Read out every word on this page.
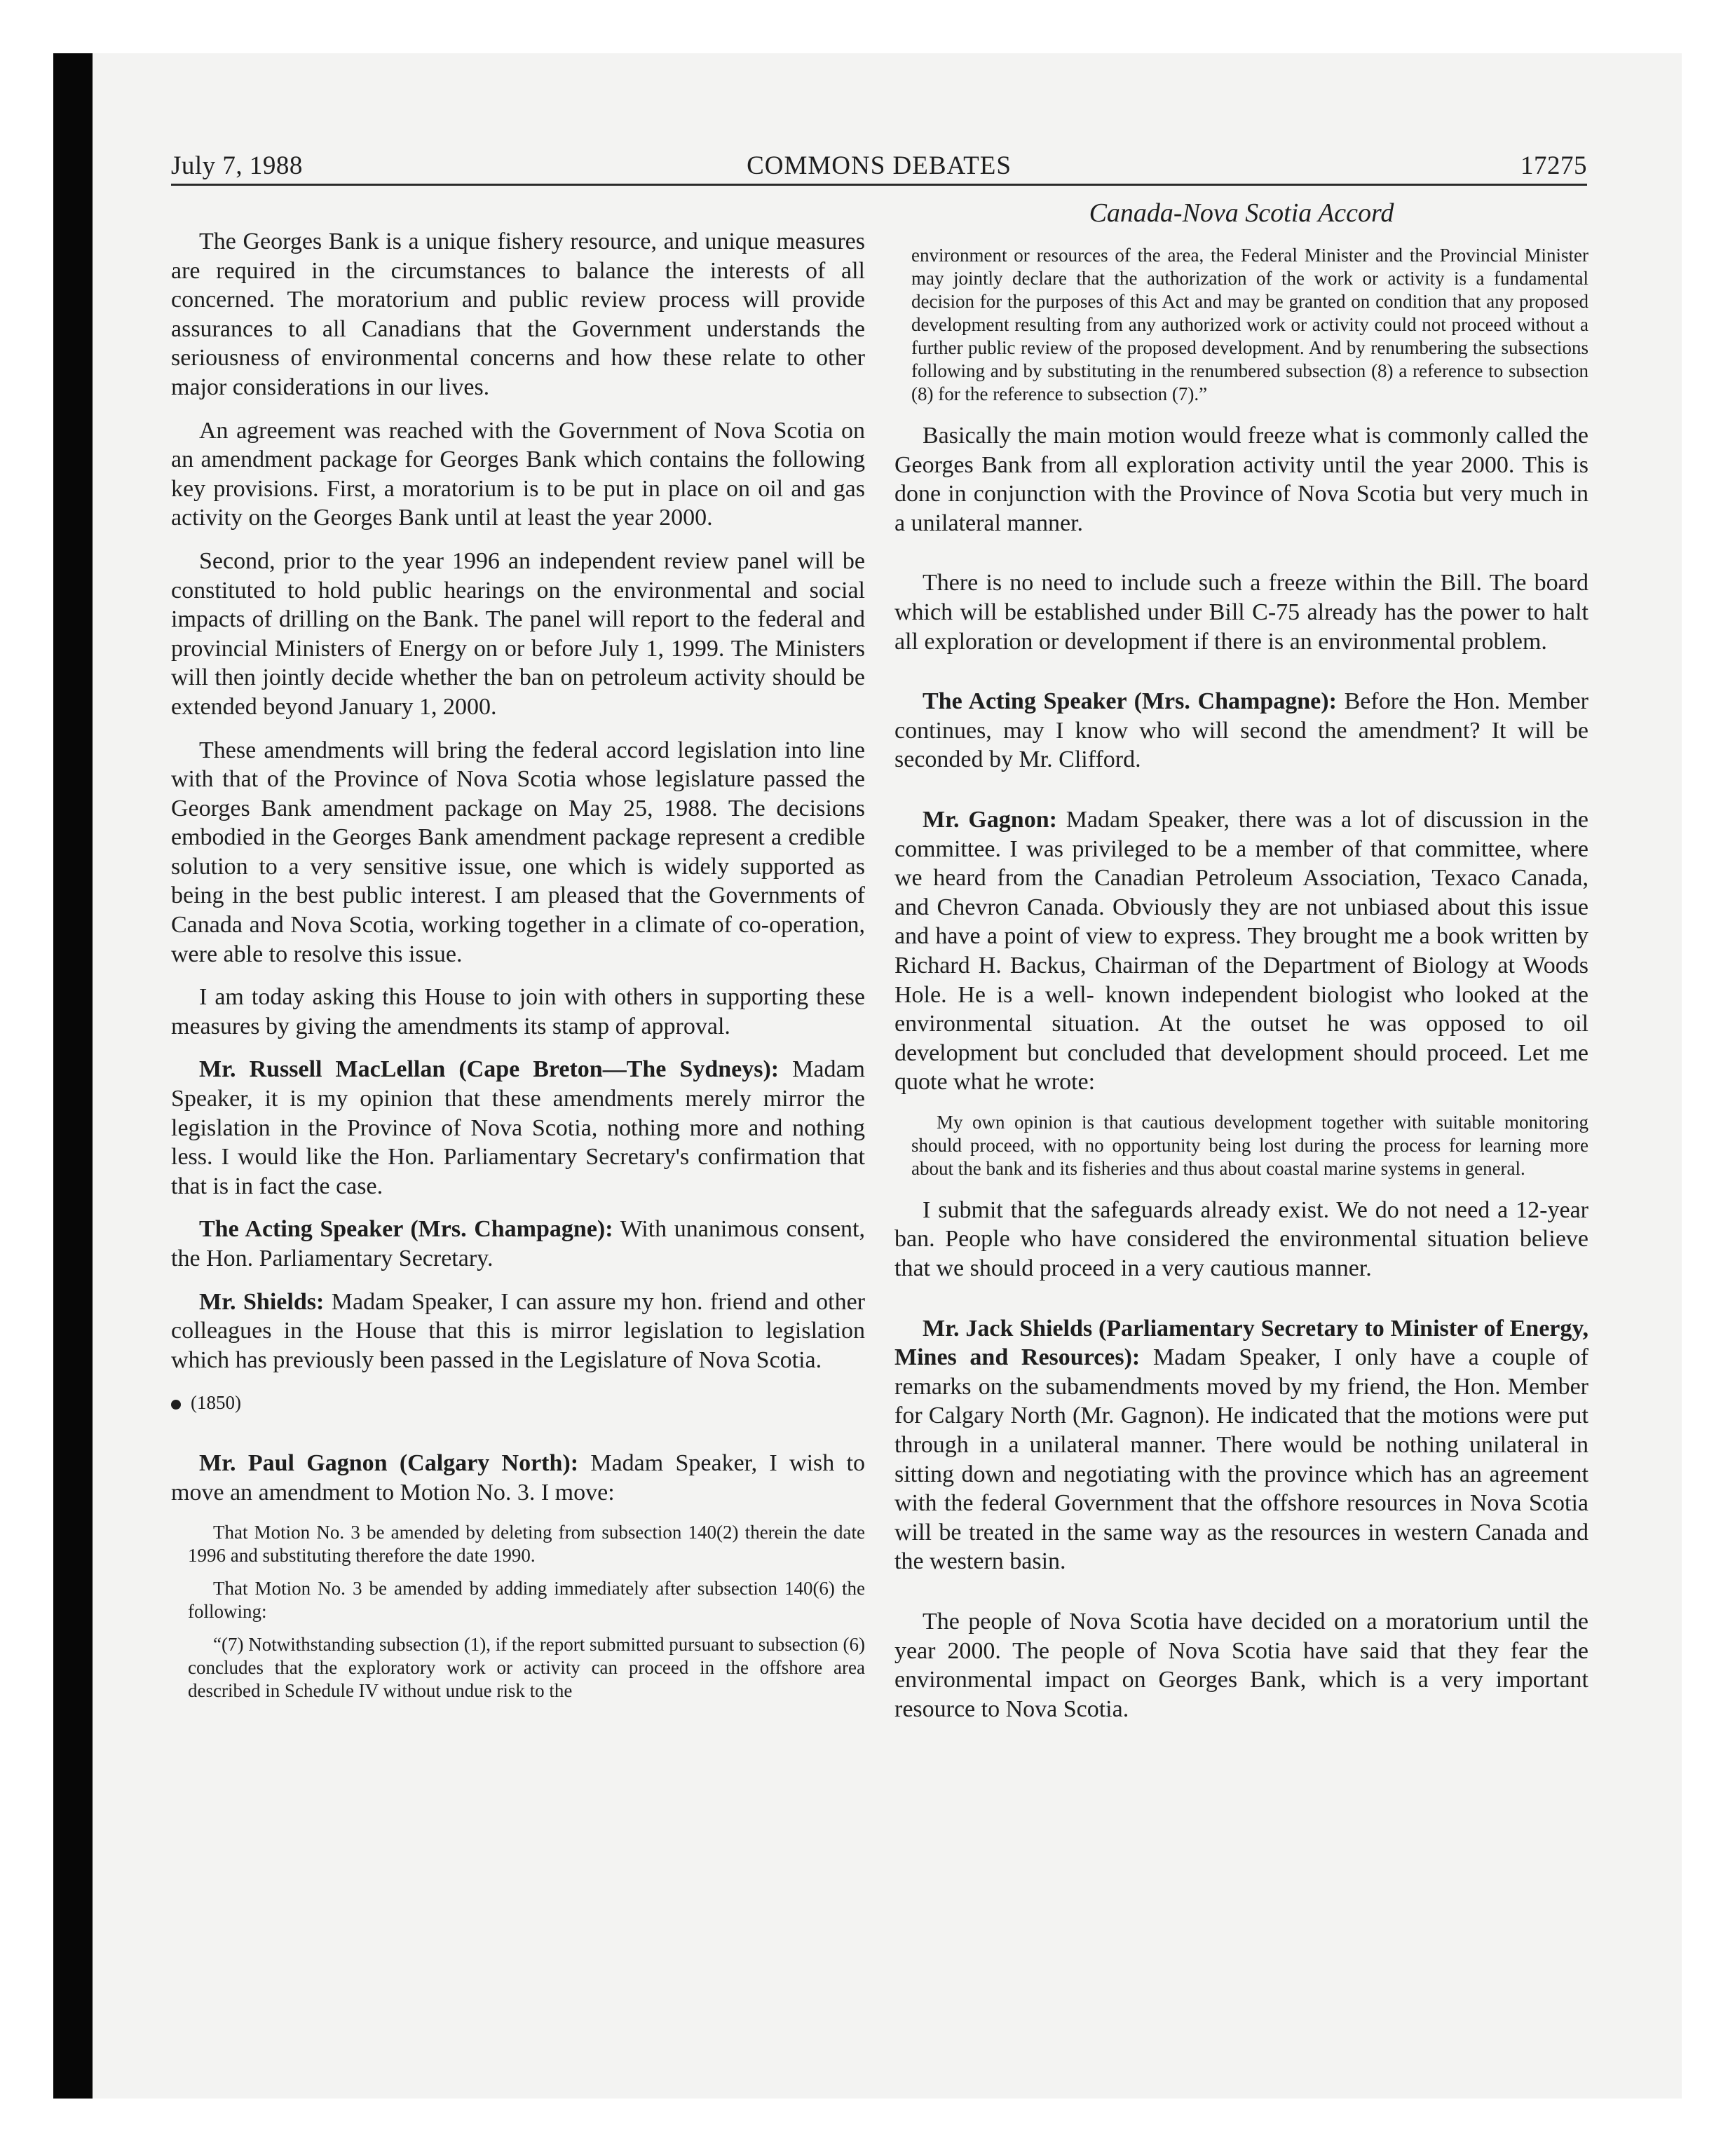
July 7, 1988	COMMONS DEBATES	17275

The Georges Bank is a unique fishery resource, and unique measures are required in the circumstances to balance the interests of all concerned. The moratorium and public review process will provide assurances to all Canadians that the Government understands the seriousness of environmental concerns and how these relate to other major considerations in our lives.

An agreement was reached with the Government of Nova Scotia on an amendment package for Georges Bank which contains the following key provisions. First, a moratorium is to be put in place on oil and gas activity on the Georges Bank until at least the year 2000.

Second, prior to the year 1996 an independent review panel will be constituted to hold public hearings on the environmental and social impacts of drilling on the Bank. The panel will report to the federal and provincial Ministers of Energy on or before July 1, 1999. The Ministers will then jointly decide whether the ban on petroleum activity should be extended beyond January 1, 2000.

These amendments will bring the federal accord legislation into line with that of the Province of Nova Scotia whose legislature passed the Georges Bank amendment package on May 25, 1988. The decisions embodied in the Georges Bank amendment package represent a credible solution to a very sensitive issue, one which is widely supported as being in the best public interest. I am pleased that the Governments of Canada and Nova Scotia, working together in a climate of co-operation, were able to resolve this issue.

I am today asking this House to join with others in supporting these measures by giving the amendments its stamp of approval.

Mr. Russell MacLellan (Cape Breton—The Sydneys): Madam Speaker, it is my opinion that these amendments merely mirror the legislation in the Province of Nova Scotia, nothing more and nothing less. I would like the Hon. Parliamentary Secretary's confirmation that that is in fact the case.

The Acting Speaker (Mrs. Champagne): With unanimous consent, the Hon. Parliamentary Secretary.

Mr. Shields: Madam Speaker, I can assure my hon. friend and other colleagues in the House that this is mirror legislation to legislation which has previously been passed in the Legislature of Nova Scotia.

(1850)

Mr. Paul Gagnon (Calgary North): Madam Speaker, I wish to move an amendment to Motion No. 3. I move:

That Motion No. 3 be amended by deleting from subsection 140(2) therein the date 1996 and substituting therefore the date 1990.

That Motion No. 3 be amended by adding immediately after subsection 140(6) the following:

“(7) Notwithstanding subsection (1), if the report submitted pursuant to subsection (6) concludes that the exploratory work or activity can proceed in the offshore area described in Schedule IV without undue risk to the

Canada-Nova Scotia Accord

environment or resources of the area, the Federal Minister and the Provincial Minister may jointly declare that the authorization of the work or activity is a fundamental decision for the purposes of this Act and may be granted on condition that any proposed development resulting from any authorized work or activity could not proceed without a further public review of the proposed development. And by renumbering the subsections following and by substituting in the renumbered subsection (8) a reference to subsection (8) for the reference to subsection (7).”

Basically the main motion would freeze what is commonly called the Georges Bank from all exploration activity until the year 2000. This is done in conjunction with the Province of Nova Scotia but very much in a unilateral manner.

There is no need to include such a freeze within the Bill. The board which will be established under Bill C-75 already has the power to halt all exploration or development if there is an environmental problem.

The Acting Speaker (Mrs. Champagne): Before the Hon. Member continues, may I know who will second the amendment? It will be seconded by Mr. Clifford.

Mr. Gagnon: Madam Speaker, there was a lot of discussion in the committee. I was privileged to be a member of that committee, where we heard from the Canadian Petroleum Association, Texaco Canada, and Chevron Canada. Obviously they are not unbiased about this issue and have a point of view to express. They brought me a book written by Richard H. Backus, Chairman of the Department of Biology at Woods Hole. He is a well- known independent biologist who looked at the environmental situation. At the outset he was opposed to oil development but concluded that development should proceed. Let me quote what he wrote:

My own opinion is that cautious development together with suitable monitoring should proceed, with no opportunity being lost during the process for learning more about the bank and its fisheries and thus about coastal marine systems in general.

I submit that the safeguards already exist. We do not need a 12-year ban. People who have considered the environmental situation believe that we should proceed in a very cautious manner.

Mr. Jack Shields (Parliamentary Secretary to Minister of Energy, Mines and Resources): Madam Speaker, I only have a couple of remarks on the subamendments moved by my friend, the Hon. Member for Calgary North (Mr. Gagnon). He indicated that the motions were put through in a unilateral manner. There would be nothing unilateral in sitting down and negotiating with the province which has an agreement with the federal Government that the offshore resources in Nova Scotia will be treated in the same way as the resources in western Canada and the western basin.

The people of Nova Scotia have decided on a moratorium until the year 2000. The people of Nova Scotia have said that they fear the environmental impact on Georges Bank, which is a very important resource to Nova Scotia.
